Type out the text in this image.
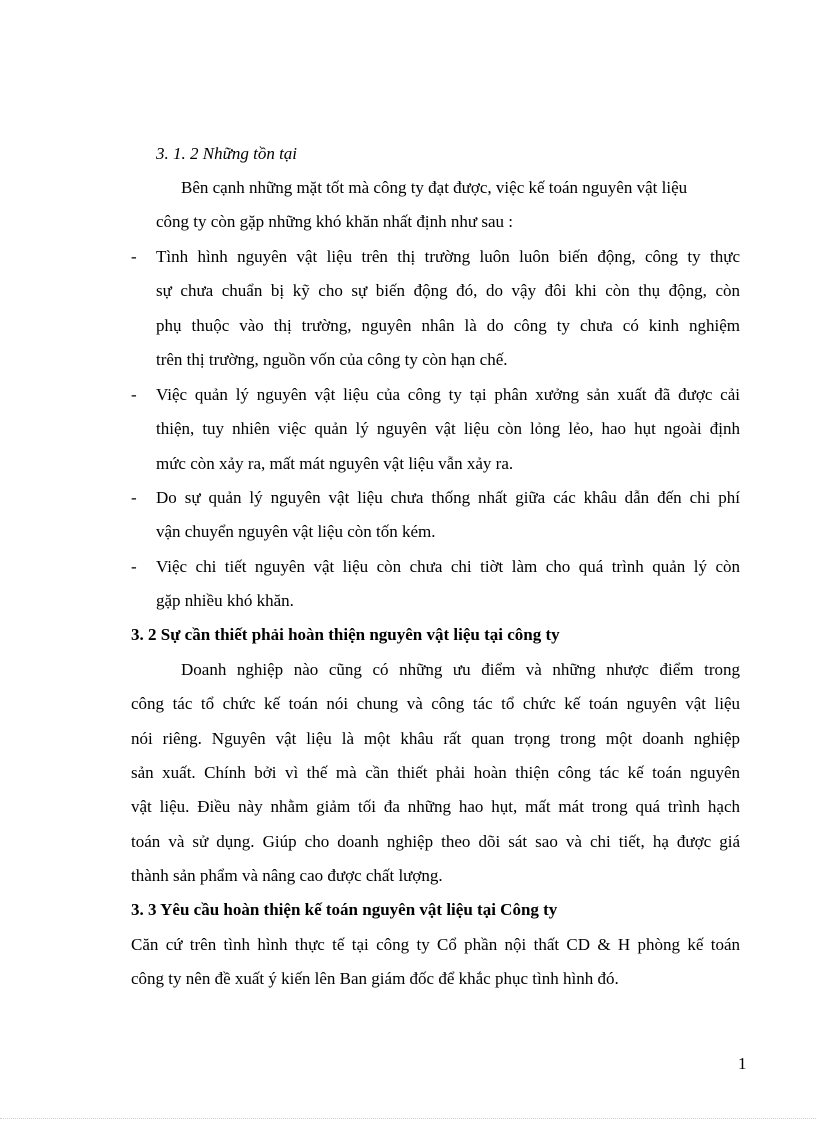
3. 1. 2 Những tồn tại
Bên cạnh những mặt tốt mà công ty đạt được, việc kế toán nguyên vật liệu
công ty còn gặp những khó khăn nhất định như sau :
- Tình hình nguyên vật liệu trên thị trường luôn luôn biến động, công ty thực
sự chưa chuẩn bị kỹ cho sự biến động đó, do vậy đôi khi còn thụ động, còn
phụ thuộc vào thị trường, nguyên nhân là do công ty chưa có kinh nghiệm
trên thị trường, nguồn vốn của công ty còn hạn chế.
- Việc quản lý nguyên vật liệu của công ty tại phân xưởng sản xuất đã được cải
thiện, tuy nhiên việc quản lý nguyên vật liệu còn lỏng lẻo, hao hụt ngoài định
mức còn xảy ra, mất mát nguyên vật liệu vẫn xảy ra.
- Do sự quản lý nguyên vật liệu chưa thống nhất giữa các khâu dẫn đến chi phí
vận chuyển nguyên vật liệu còn tốn kém.
- Việc chi tiết nguyên vật liệu còn chưa chi tiờt làm cho quá trình quản lý còn
gặp nhiều khó khăn.
3. 2 Sự cần thiết phải hoàn thiện nguyên vật liệu tại công ty
Doanh nghiệp nào cũng có những ưu điểm và những nhược điểm trong
công tác tổ chức kế toán nói chung và công tác tổ chức kế toán nguyên vật liệu
nói riêng. Nguyên vật liệu là một khâu rất quan trọng trong một doanh nghiệp
sản xuất. Chính bởi vì thế mà cần thiết phải hoàn thiện công tác kế toán nguyên
vật liệu. Điều này nhằm giảm tối đa những hao hụt, mất mát trong quá trình hạch
toán và sử dụng. Giúp cho doanh nghiệp theo dõi sát sao và chi tiết, hạ được giá
thành sản phẩm và nâng cao được chất lượng.
3. 3 Yêu cầu hoàn thiện kế toán nguyên vật liệu tại Công ty
Căn cứ trên tình hình thực tế tại công ty Cổ phần nội thất CD & H phòng kế toán
công ty nên đề xuất ý kiến lên Ban giám đốc để khắc phục tình hình đó.
1
